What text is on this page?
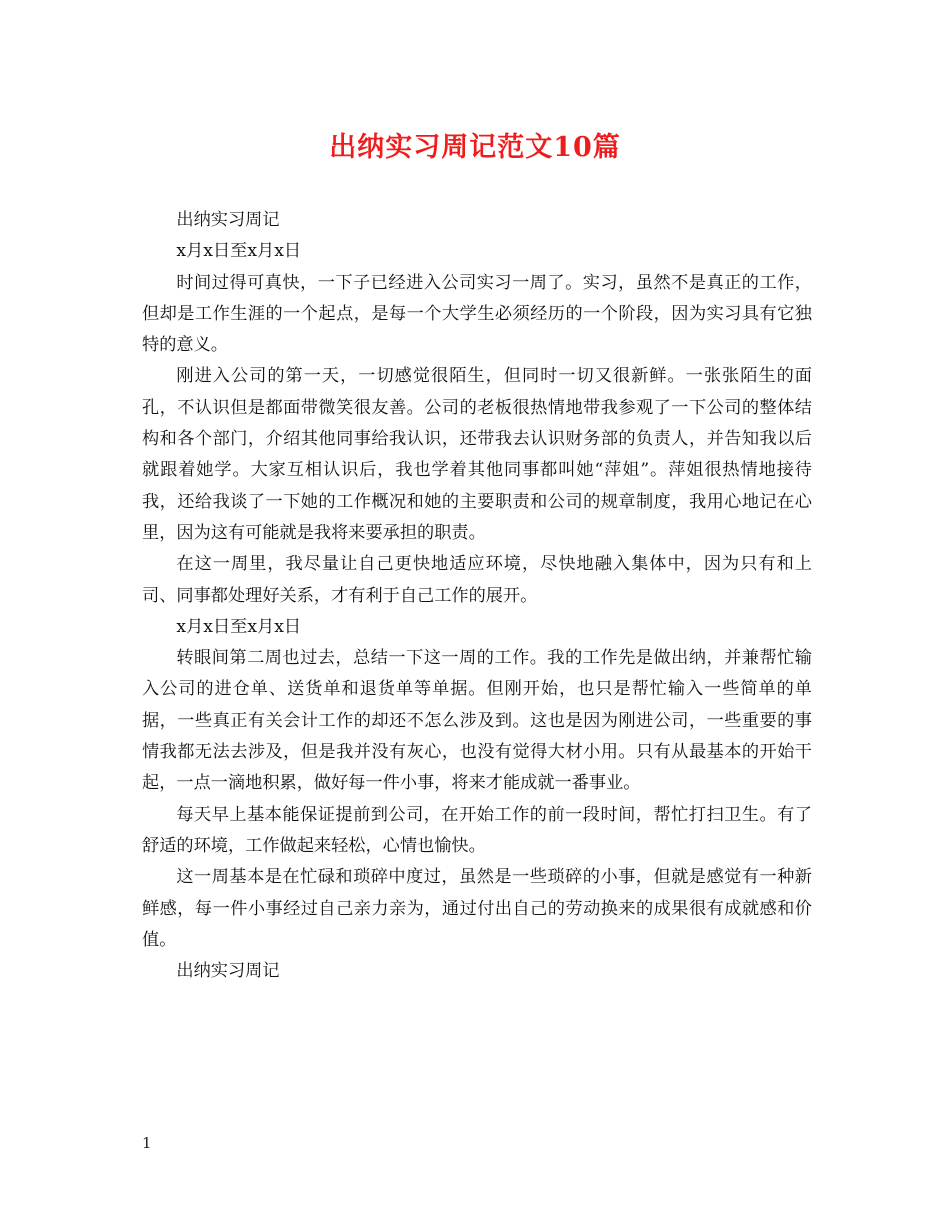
出纳实习周记范文10篇

出纳实习周记

x月x日至x月x日

时间过得可真快，一下子已经进入公司实习一周了。实习，虽然不是真正的工作，但却是工作生涯的一个起点，是每一个大学生必须经历的一个阶段，因为实习具有它独特的意义。

刚进入公司的第一天，一切感觉很陌生，但同时一切又很新鲜。一张张陌生的面孔，不认识但是都面带微笑很友善。公司的老板很热情地带我参观了一下公司的整体结构和各个部门，介绍其他同事给我认识，还带我去认识财务部的负责人，并告知我以后就跟着她学。大家互相认识后，我也学着其他同事都叫她“萍姐”。萍姐很热情地接待我，还给我谈了一下她的工作概况和她的主要职责和公司的规章制度，我用心地记在心里，因为这有可能就是我将来要承担的职责。

在这一周里，我尽量让自己更快地适应环境，尽快地融入集体中，因为只有和上司、同事都处理好关系，才有利于自己工作的展开。

x月x日至x月x日

转眼间第二周也过去，总结一下这一周的工作。我的工作先是做出纳，并兼帮忙输入公司的进仓单、送货单和退货单等单据。但刚开始，也只是帮忙输入一些简单的单据，一些真正有关会计工作的却还不怎么涉及到。这也是因为刚进公司，一些重要的事情我都无法去涉及，但是我并没有灰心，也没有觉得大材小用。只有从最基本的开始干起，一点一滴地积累，做好每一件小事，将来才能成就一番事业。

每天早上基本能保证提前到公司，在开始工作的前一段时间，帮忙打扫卫生。有了舒适的环境，工作做起来轻松，心情也愉快。

这一周基本是在忙碌和琐碎中度过，虽然是一些琐碎的小事，但就是感觉有一种新鲜感，每一件小事经过自己亲力亲为，通过付出自己的劳动换来的成果很有成就感和价值。

出纳实习周记

1
